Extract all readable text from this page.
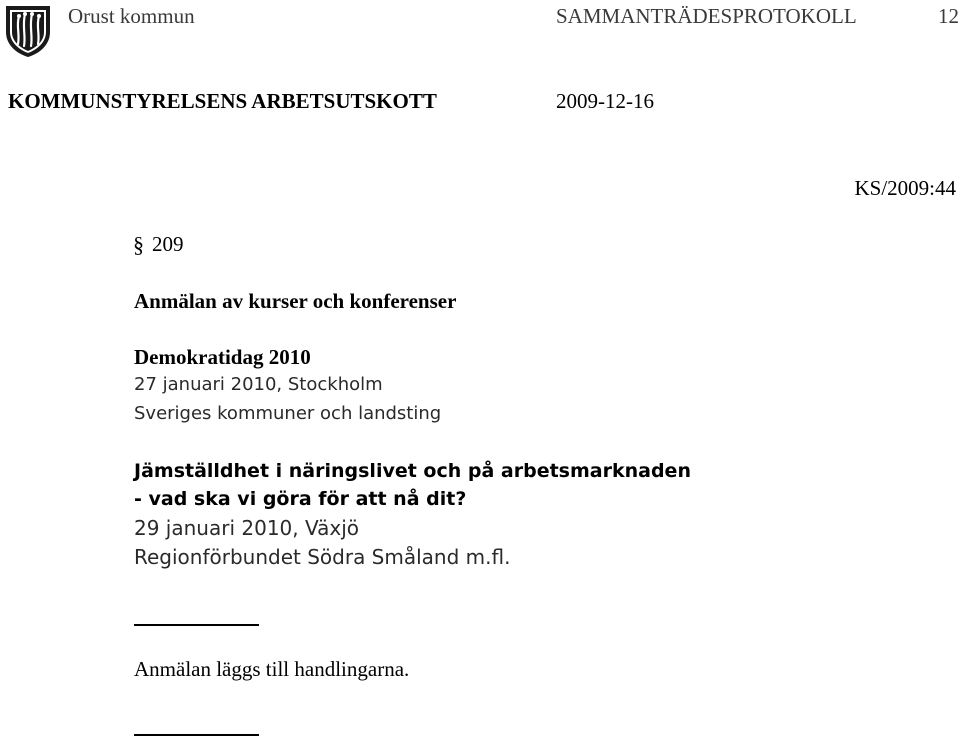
Orust kommun	SAMMANTRÄDESPROTOKOLL	12
KOMMUNSTYRELSENS ARBETSUTSKOTT	2009-12-16
KS/2009:44
§ 209
Anmälan av kurser och konferenser
Demokratidag 2010
27 januari 2010, Stockholm
Sveriges kommuner och landsting
Jämställdhet i näringslivet och på arbetsmarknaden
- vad ska vi göra för att nå dit?
29 januari 2010, Växjö
Regionförbundet Södra Småland m.fl.
Anmälan läggs till handlingarna.
